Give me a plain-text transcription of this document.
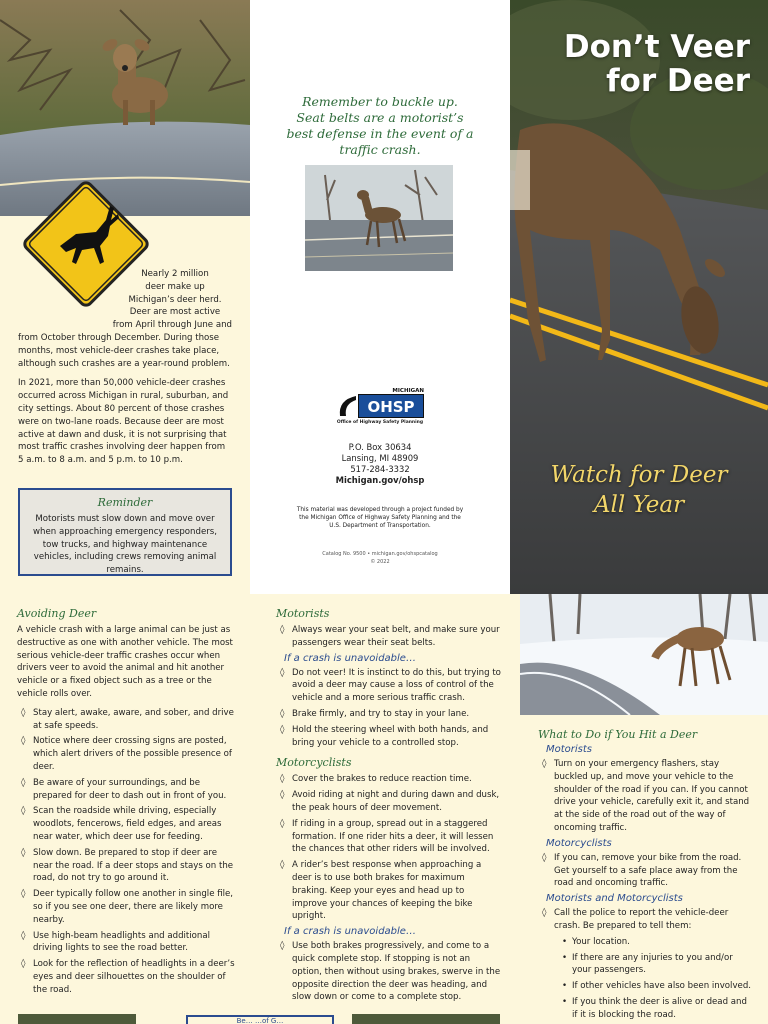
Nearly 2 million
deer make up
Michigan’s deer herd.
Deer are most active

from April through June and

from October through December. During those months, most vehicle-deer crashes take place, although such crashes are a year-round problem.

In 2021, more than 50,000 vehicle-deer crashes occurred across Michigan in rural, suburban, and city settings. About 80 percent of those crashes were on two-lane roads. Because deer are most active at dawn and dusk, it is not surprising that most traffic crashes involving deer happen from 5 a.m. to 8 a.m. and 5 p.m. to 10 p.m.

Reminder

Motorists must slow down and move over when approaching emergency responders, tow trucks, and highway maintenance vehicles, including crews removing animal remains.

Remember to buckle up. Seat belts are a motorist’s best defense in the event of a traffic crash.
MICHIGAN
OHSP
Office of Highway Safety Planning
P.O. Box 30634
Lansing, MI 48909
517-284-3332
Michigan.gov/ohsp
This material was developed through a project funded by the Michigan Office of Highway Safety Planning and the U.S. Department of Transportation.
Catalog No. 9500 • michigan.gov/ohspcatalog
© 2022
Don’t Veer
for Deer
Watch for Deer
All Year
Avoiding Deer

A vehicle crash with a large animal can be just as destructive as one with another vehicle. The most serious vehicle-deer traffic crashes occur when drivers veer to avoid the animal and hit another vehicle or a fixed object such as a tree or the vehicle rolls over.

◊ Stay alert, awake, aware, and sober, and drive at safe speeds.
◊ Notice where deer crossing signs are posted, which alert drivers of the possible presence of deer.
◊ Be aware of your surroundings, and be prepared for deer to dash out in front of you.
◊ Scan the roadside while driving, especially woodlots, fencerows, field edges, and areas near water, which deer use for feeding.
◊ Slow down. Be prepared to stop if deer are near the road. If a deer stops and stays on the road, do not try to go around it.
◊ Deer typically follow one another in single file, so if you see one deer, there are likely more nearby.
◊ Use high-beam headlights and additional driving lights to see the road better.
◊ Look for the reflection of headlights in a deer’s eyes and deer silhouettes on the shoulder of the road.
Be… …of G…
Motorists
◊ Always wear your seat belt, and make sure your passengers wear their seat belts.
If a crash is unavoidable…
◊ Do not veer! It is instinct to do this, but trying to avoid a deer may cause a loss of control of the vehicle and a more serious traffic crash.
◊ Brake firmly, and try to stay in your lane.
◊ Hold the steering wheel with both hands, and bring your vehicle to a controlled stop.
Motorcyclists
◊ Cover the brakes to reduce reaction time.
◊ Avoid riding at night and during dawn and dusk, the peak hours of deer movement.
◊ If riding in a group, spread out in a staggered formation. If one rider hits a deer, it will lessen the chances that other riders will be involved.
◊ A rider’s best response when approaching a deer is to use both brakes for maximum braking. Keep your eyes and head up to improve your chances of keeping the bike upright.
If a crash is unavoidable…
◊ Use both brakes progressively, and come to a quick complete stop. If stopping is not an option, then without using brakes, swerve in the opposite direction the deer was heading, and slow down or come to a complete stop.
What to Do if You Hit a Deer
Motorists
◊ Turn on your emergency flashers, stay buckled up, and move your vehicle to the shoulder of the road if you can. If you cannot drive your vehicle, carefully exit it, and stand at the side of the road out of the way of oncoming traffic.
Motorcyclists
◊ If you can, remove your bike from the road. Get yourself to a safe place away from the road and oncoming traffic.
Motorists and Motorcyclists
◊ Call the police to report the vehicle-deer crash. Be prepared to tell them:
• Your location.
• If there are any injuries to you and/or your passengers.
• If other vehicles have also been involved.
• If you think the deer is alive or dead and if it is blocking the road.
